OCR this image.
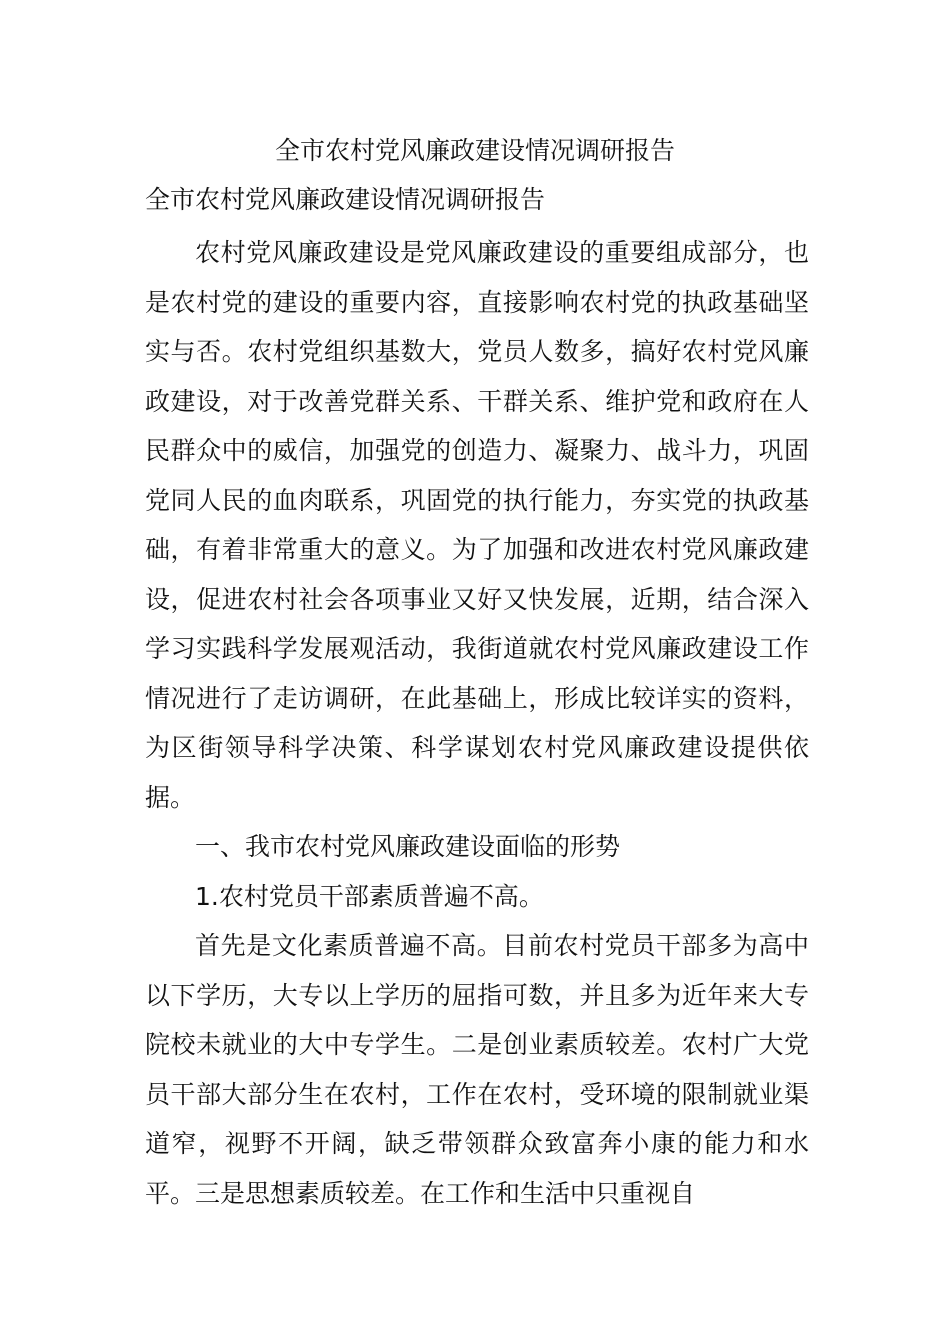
全市农村党风廉政建设情况调研报告
全市农村党风廉政建设情况调研报告

农村党风廉政建设是党风廉政建设的重要组成部分，也是农村党的建设的重要内容，直接影响农村党的执政基础坚实与否。农村党组织基数大，党员人数多，搞好农村党风廉政建设，对于改善党群关系、干群关系、维护党和政府在人民群众中的威信，加强党的创造力、凝聚力、战斗力，巩固党同人民的血肉联系，巩固党的执行能力，夯实党的执政基础，有着非常重大的意义。为了加强和改进农村党风廉政建设，促进农村社会各项事业又好又快发展，近期，结合深入学习实践科学发展观活动，我街道就农村党风廉政建设工作情况进行了走访调研，在此基础上，形成比较详实的资料，为区街领导科学决策、科学谋划农村党风廉政建设提供依据。

一、我市农村党风廉政建设面临的形势

1.农村党员干部素质普遍不高。

首先是文化素质普遍不高。目前农村党员干部多为高中以下学历，大专以上学历的屈指可数，并且多为近年来大专院校未就业的大中专学生。二是创业素质较差。农村广大党员干部大部分生在农村，工作在农村，受环境的限制就业渠道窄，视野不开阔，缺乏带领群众致富奔小康的能力和水平。三是思想素质较差。在工作和生活中只重视自
